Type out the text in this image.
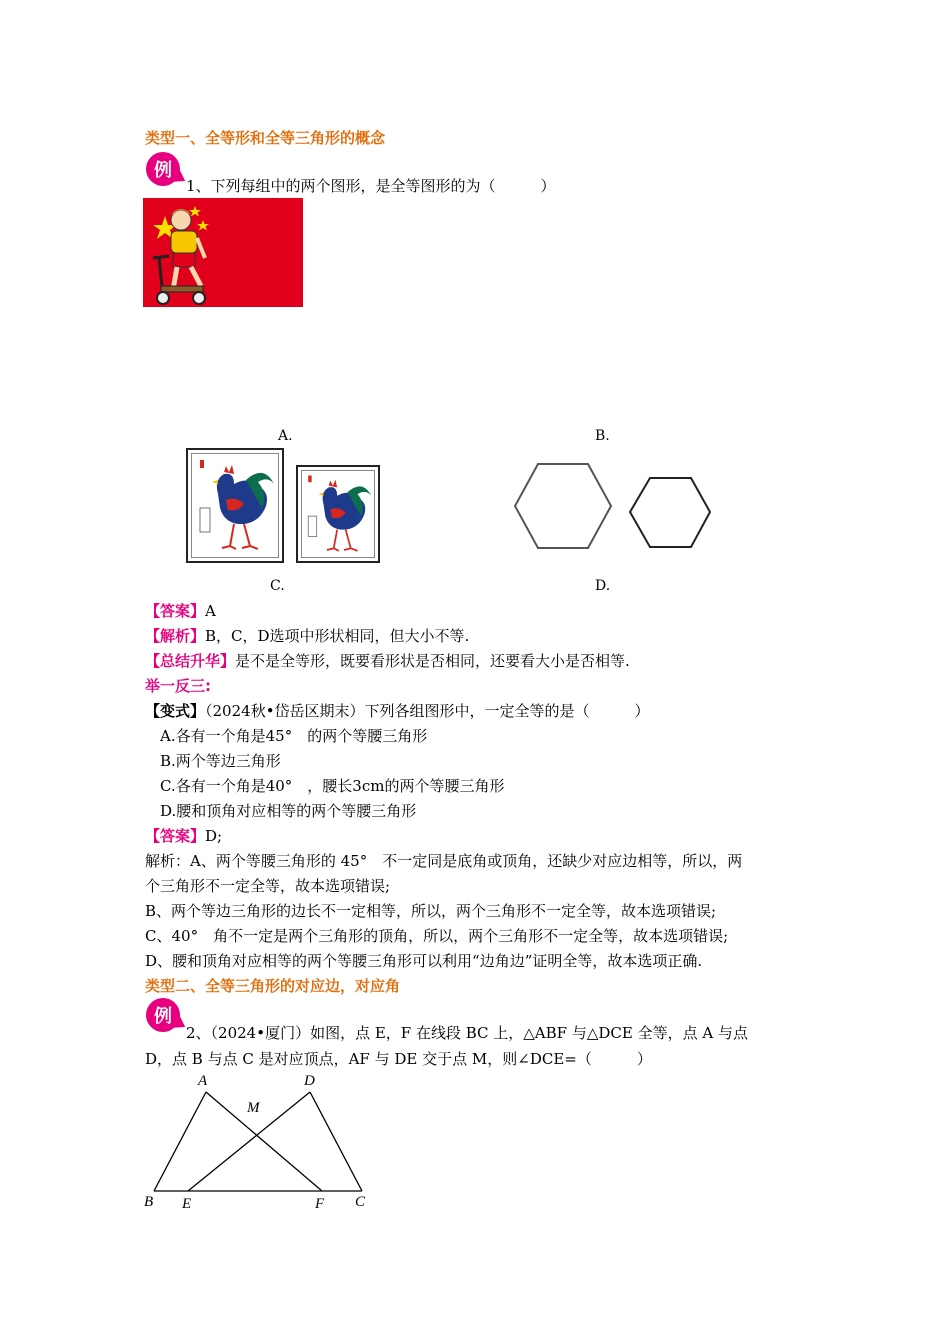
类型一、全等形和全等三角形的概念
例
1、下列每组中的两个图形，是全等图形的为（　　　）
A.	B.
C.	D.
【答案】A
【解析】B，C，D选项中形状相同，但大小不等.
【总结升华】是不是全等形，既要看形状是否相同，还要看大小是否相等.
举一反三:
【变式】（2024秋•岱岳区期末）下列各组图形中，一定全等的是（　　　）
A.各有一个角是45°　的两个等腰三角形
B.两个等边三角形
C.各有一个角是40°　，腰长3cm的两个等腰三角形
D.腰和顶角对应相等的两个等腰三角形
【答案】D;
解析：A、两个等腰三角形的 45°　不一定同是底角或顶角，还缺少对应边相等，所以，两
个三角形不一定全等，故本选项错误;
B、两个等边三角形的边长不一定相等，所以，两个三角形不一定全等，故本选项错误;
C、40°　角不一定是两个三角形的顶角，所以，两个三角形不一定全等，故本选项错误;
D、腰和顶角对应相等的两个等腰三角形可以利用“边角边”证明全等，故本选项正确.
类型二、全等三角形的对应边，对应角
例
2、（2024•厦门）如图，点 E，F 在线段 BC 上，△ABF 与△DCE 全等，点 A 与点
D，点 B 与点 C 是对应顶点，AF 与 DE 交于点 M，则∠DCE=（　　　）
A	D
M
B E	F C
